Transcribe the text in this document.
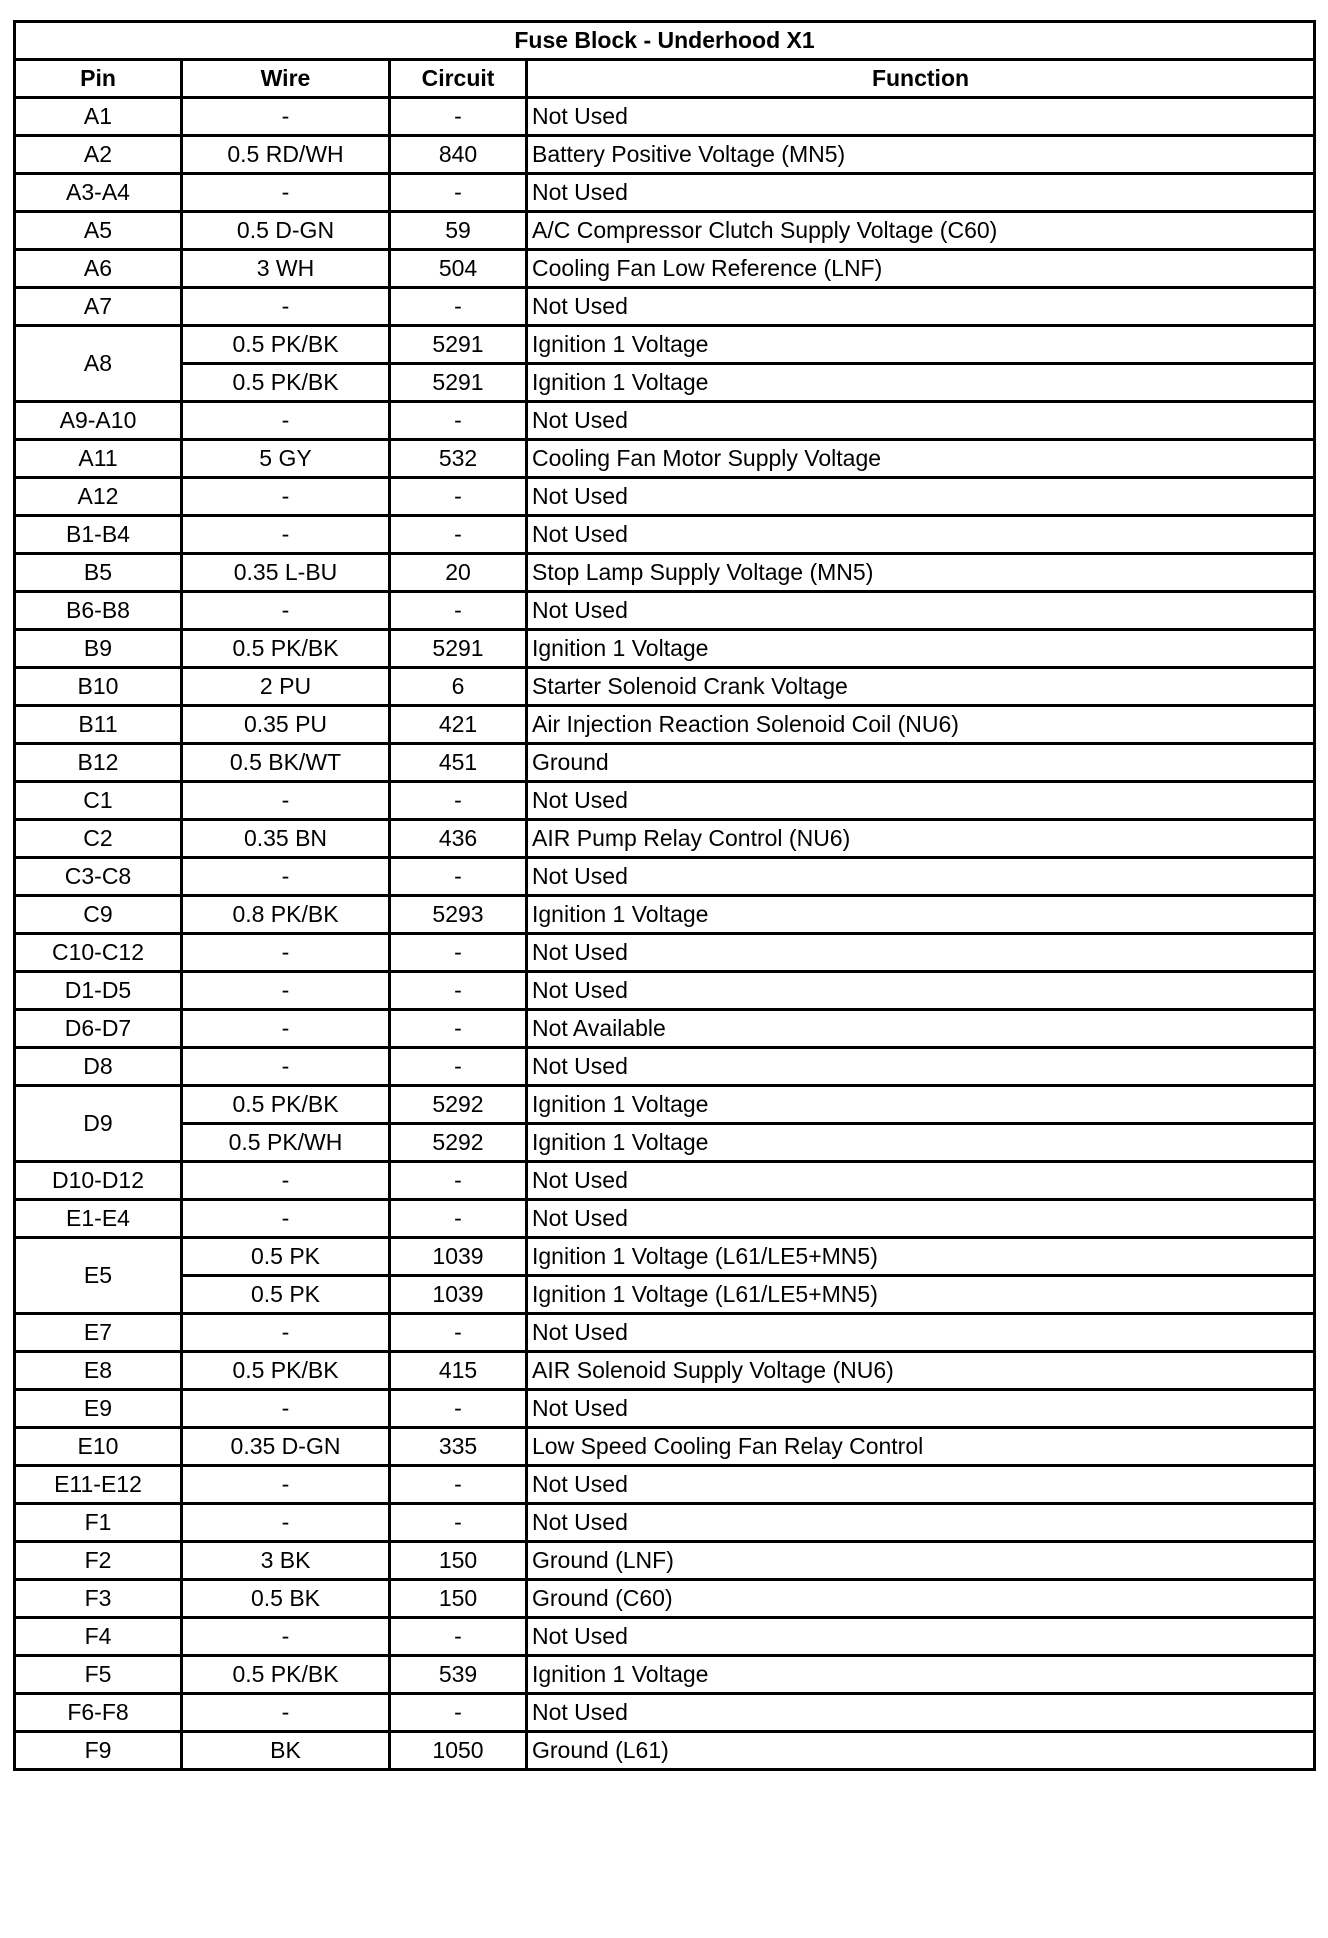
Fuse Block - Underhood X1			
Pin	Wire	Circuit	Function
A1	-	-	Not Used
A2	0.5 RD/WH	840	Battery Positive Voltage (MN5)
A3-A4	-	-	Not Used
A5	0.5 D-GN	59	A/C Compressor Clutch Supply Voltage (C60)
A6	3 WH	504	Cooling Fan Low Reference (LNF)
A7	-	-	Not Used
A8	0.5 PK/BK	5291	Ignition 1 Voltage
	0.5 PK/BK	5291	Ignition 1 Voltage
A9-A10	-	-	Not Used
A11	5 GY	532	Cooling Fan Motor Supply Voltage
A12	-	-	Not Used
B1-B4	-	-	Not Used
B5	0.35 L-BU	20	Stop Lamp Supply Voltage (MN5)
B6-B8	-	-	Not Used
B9	0.5 PK/BK	5291	Ignition 1 Voltage
B10	2 PU	6	Starter Solenoid Crank Voltage
B11	0.35 PU	421	Air Injection Reaction Solenoid Coil (NU6)
B12	0.5 BK/WT	451	Ground
C1	-	-	Not Used
C2	0.35 BN	436	AIR Pump Relay Control (NU6)
C3-C8	-	-	Not Used
C9	0.8 PK/BK	5293	Ignition 1 Voltage
C10-C12	-	-	Not Used
D1-D5	-	-	Not Used
D6-D7	-	-	Not Available
D8	-	-	Not Used
D9	0.5 PK/BK	5292	Ignition 1 Voltage
	0.5 PK/WH	5292	Ignition 1 Voltage
D10-D12	-	-	Not Used
E1-E4	-	-	Not Used
E5	0.5 PK	1039	Ignition 1 Voltage (L61/LE5+MN5)
	0.5 PK	1039	Ignition 1 Voltage (L61/LE5+MN5)
E7	-	-	Not Used
E8	0.5 PK/BK	415	AIR Solenoid Supply Voltage (NU6)
E9	-	-	Not Used
E10	0.35 D-GN	335	Low Speed Cooling Fan Relay Control
E11-E12	-	-	Not Used
F1	-	-	Not Used
F2	3 BK	150	Ground (LNF)
F3	0.5 BK	150	Ground (C60)
F4	-	-	Not Used
F5	0.5 PK/BK	539	Ignition 1 Voltage
F6-F8	-	-	Not Used
F9	BK	1050	Ground (L61)
